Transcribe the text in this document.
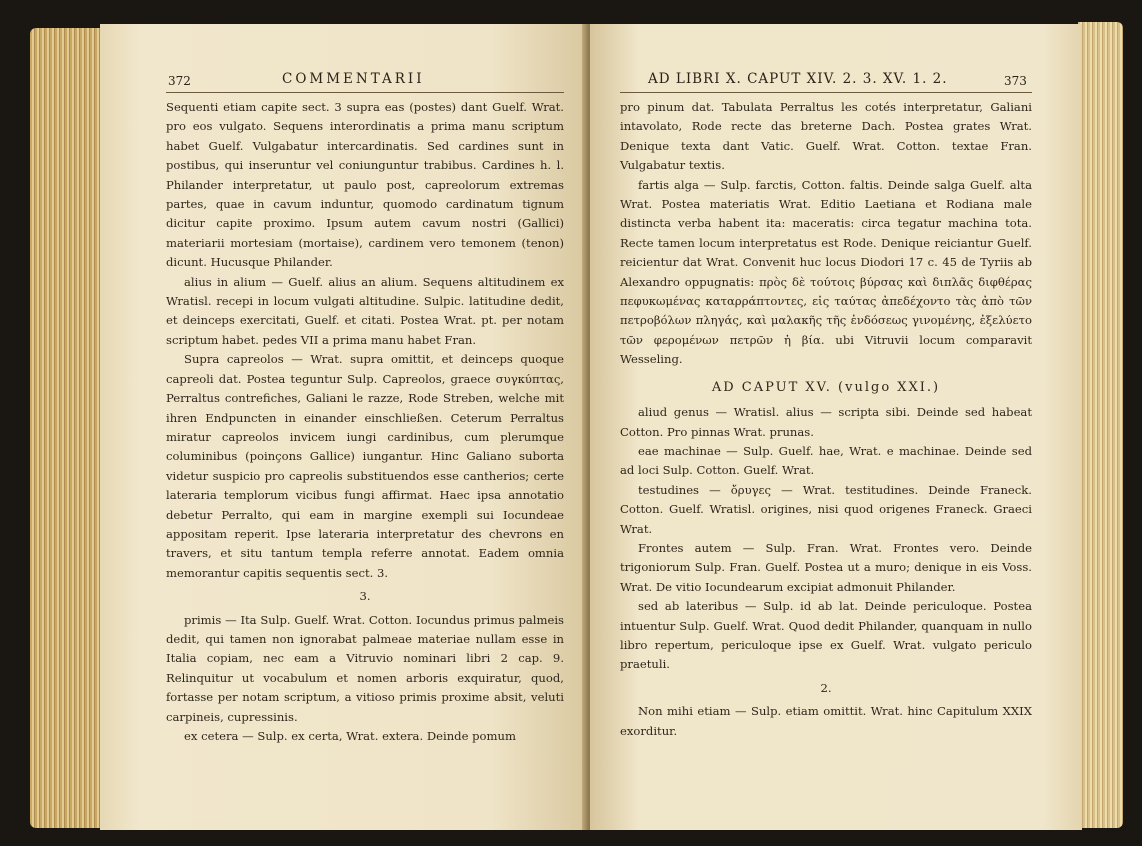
372	COMMENTARII

Sequenti etiam capite sect. 3 supra eas (postes) dant Guelf. Wrat. pro eos vulgato. Sequens interordinatis a prima manu scriptum habet Guelf. Vulgabatur intercardinatis. Sed cardines sunt in postibus, qui inseruntur vel coniunguntur trabibus. Cardines h. l. Philander interpretatur, ut paulo post, capreolorum extremas partes, quae in cavum induntur, quomodo cardinatum tignum dicitur capite proximo. Ipsum autem cavum nostri (Gallici) materiarii mortesiam (mortaise), cardinem vero temonem (tenon) dicunt. Hucusque Philander.

alius in alium — Guelf. alius an alium. Sequens altitudinem ex Wratisl. recepi in locum vulgati altitudine. Sulpic. latitudine dedit, et deinceps exercitati, Guelf. et citati. Postea Wrat. pt. per notam scriptum habet. pedes VII a prima manu habet Fran.

Supra capreolos — Wrat. supra omittit, et deinceps quoque capreoli dat. Postea teguntur Sulp. Capreolos, graece συγκύπτας, Perraltus contrefiches, Galiani le razze, Rode Streben, welche mit ihren Endpuncten in einander einschließen. Ceterum Perraltus miratur capreolos invicem iungi cardinibus, cum plerumque columinibus (poinçons Gallice) iungantur. Hinc Galiano suborta videtur suspicio pro capreolis substituendos esse cantherios; certe lateraria templorum vicibus fungi affirmat. Haec ipsa annotatio debetur Perralto, qui eam in margine exempli sui Iocundeae appositam reperit. Ipse lateraria interpretatur des chevrons en travers, et situ tantum templa referre annotat. Eadem omnia memorantur capitis sequentis sect. 3.

3.

primis — Ita Sulp. Guelf. Wrat. Cotton. Iocundus primus palmeis dedit, qui tamen non ignorabat palmeae materiae nullam esse in Italia copiam, nec eam a Vitruvio nominari libri 2 cap. 9. Relinquitur ut vocabulum et nomen arboris exquiratur, quod, fortasse per notam scriptum, a vitioso primis proxime absit, veluti carpineis, cupressinis.

ex cetera — Sulp. ex certa, Wrat. extera. Deinde pomum

AD LIBRI X. CAPUT XIV. 2. 3. XV. 1. 2.	373

pro pinum dat. Tabulata Perraltus les cotés interpretatur, Galiani intavolato, Rode recte das breterne Dach. Postea grates Wrat. Denique texta dant Vatic. Guelf. Wrat. Cotton. textae Fran. Vulgabatur textis.

fartis alga — Sulp. farctis, Cotton. faltis. Deinde salga Guelf. alta Wrat. Postea materiatis Wrat. Editio Laetiana et Rodiana male distincta verba habent ita: maceratis: circa tegatur machina tota. Recte tamen locum interpretatus est Rode. Denique reiciantur Guelf. reicientur dat Wrat. Convenit huc locus Diodori 17 c. 45 de Tyriis ab Alexandro oppugnatis: πρὸς δὲ τούτοις βύρσας καὶ διπλᾶς διφθέρας πεφυκωμένας καταρράπτοντες, εἰς ταύτας ἀπεδέχοντο τὰς ἀπὸ τῶν πετροβόλων πληγάς, καὶ μαλακῆς τῆς ἐνδόσεως γινομένης, ἐξελύετο τῶν φερομένων πετρῶν ἡ βία. ubi Vitruvii locum comparavit Wesseling.

AD CAPUT XV. (vulgo XXI.)

aliud genus — Wratisl. alius — scripta sibi. Deinde sed habeat Cotton. Pro pinnas Wrat. prunas.

eae machinae — Sulp. Guelf. hae, Wrat. e machinae. Deinde sed ad loci Sulp. Cotton. Guelf. Wrat.

testudines — ὄρυγες — Wrat. testitudines. Deinde Franeck. Cotton. Guelf. Wratisl. origines, nisi quod origenes Franeck. Graeci Wrat.

Frontes autem — Sulp. Fran. Wrat. Frontes vero. Deinde trigoniorum Sulp. Fran. Guelf. Postea ut a muro; denique in eis Voss. Wrat. De vitio Iocundearum excipiat admonuit Philander.

sed ab lateribus — Sulp. id ab lat. Deinde periculoque. Postea intuentur Sulp. Guelf. Wrat. Quod dedit Philander, quanquam in nullo libro repertum, periculoque ipse ex Guelf. Wrat. vulgato periculo praetuli.

2.

Non mihi etiam — Sulp. etiam omittit. Wrat. hinc Capitulum XXIX exorditur.
